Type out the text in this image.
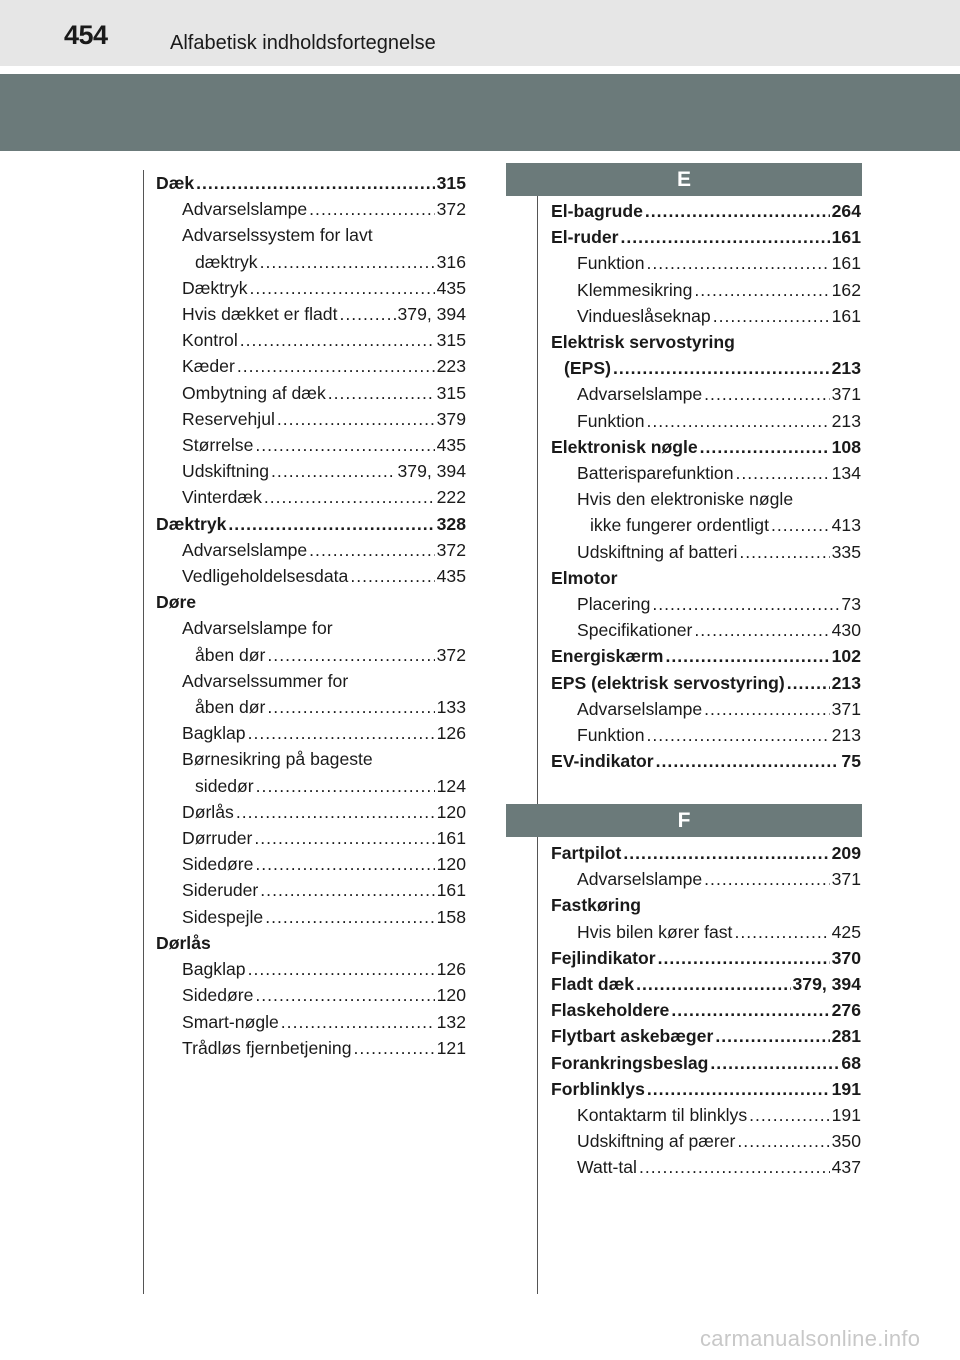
454	Alfabetisk indholdsfortegnelse
Dæk .....	315
Advarselslampe .....	372
Advarselssystem for lavt
dæktryk .....	316
Dæktryk .....	435
Hvis dækket er fladt .....	379, 394
Kontrol .....	315
Kæder .....	223
Ombytning af dæk .....	315
Reservehjul .....	379
Størrelse .....	435
Udskiftning .....	379, 394
Vinterdæk .....	222
Dæktryk .....	328
Advarselslampe .....	372
Vedligeholdelsesdata .....	435
Døre
Advarselslampe for
åben dør .....	372
Advarselssummer for
åben dør .....	133
Bagklap .....	126
Børnesikring på bageste
sidedør .....	124
Dørlås .....	120
Dørruder .....	161
Sidedøre .....	120
Sideruder .....	161
Sidespejle .....	158
Dørlås
Bagklap .....	126
Sidedøre .....	120
Smart-nøgle .....	132
Trådløs fjernbetjening .....	121
E
El-bagrude .....	264
El-ruder .....	161
Funktion .....	161
Klemmesikring .....	162
Vindueslåseknap .....	161
Elektrisk servostyring
(EPS) .....	213
Advarselslampe .....	371
Funktion .....	213
Elektronisk nøgle .....	108
Batterisparefunktion .....	134
Hvis den elektroniske nøgle
ikke fungerer ordentligt .....	413
Udskiftning af batteri .....	335
Elmotor
Placering .....	73
Specifikationer .....	430
Energiskærm .....	102
EPS (elektrisk servostyring) .....	213
Advarselslampe .....	371
Funktion .....	213
EV-indikator .....	75
F
Fartpilot .....	209
Advarselslampe .....	371
Fastkøring
Hvis bilen kører fast .....	425
Fejlindikator .....	370
Fladt dæk .....	379, 394
Flaskeholdere .....	276
Flytbart askebæger .....	281
Forankringsbeslag .....	68
Forblinklys .....	191
Kontaktarm til blinklys .....	191
Udskiftning af pærer .....	350
Watt-tal .....	437
carmanualsonline.info
